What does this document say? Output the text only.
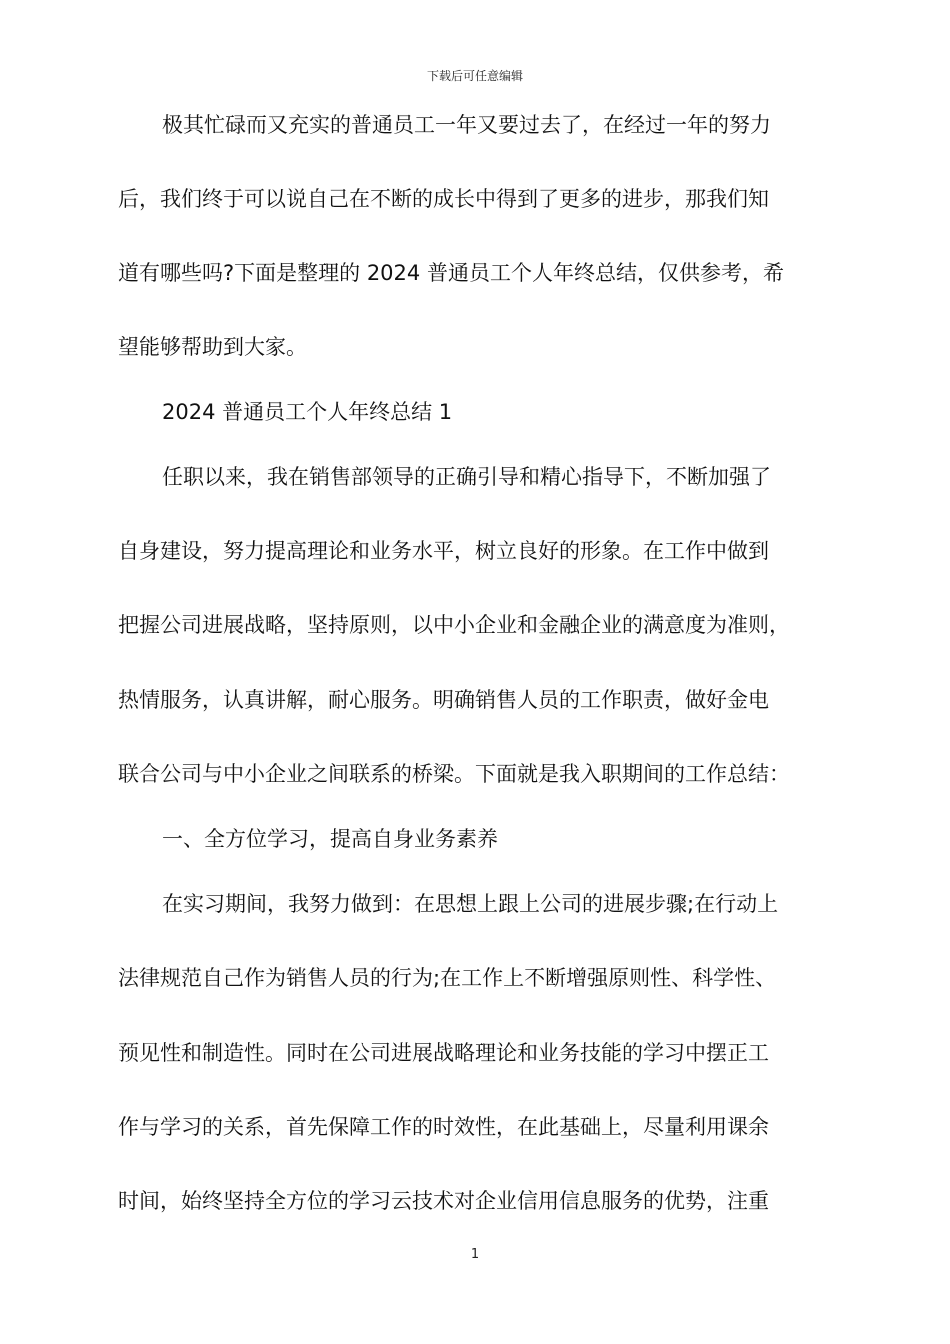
下载后可任意编辑
极其忙碌而又充实的普通员工一年又要过去了，在经过一年的努力
后，我们终于可以说自己在不断的成长中得到了更多的进步，那我们知
道有哪些吗?下面是整理的 2024 普通员工个人年终总结，仅供参考，希
望能够帮助到大家。
2024 普通员工个人年终总结 1
任职以来，我在销售部领导的正确引导和精心指导下，不断加强了
自身建设，努力提高理论和业务水平，树立良好的形象。在工作中做到
把握公司进展战略，坚持原则，以中小企业和金融企业的满意度为准则，
热情服务，认真讲解，耐心服务。明确销售人员的工作职责，做好金电
联合公司与中小企业之间联系的桥梁。下面就是我入职期间的工作总结：
一、全方位学习，提高自身业务素养
在实习期间，我努力做到：在思想上跟上公司的进展步骤;在行动上
法律规范自己作为销售人员的行为;在工作上不断增强原则性、科学性、
预见性和制造性。同时在公司进展战略理论和业务技能的学习中摆正工
作与学习的关系，首先保障工作的时效性，在此基础上，尽量利用课余
时间，始终坚持全方位的学习云技术对企业信用信息服务的优势，注重
1
